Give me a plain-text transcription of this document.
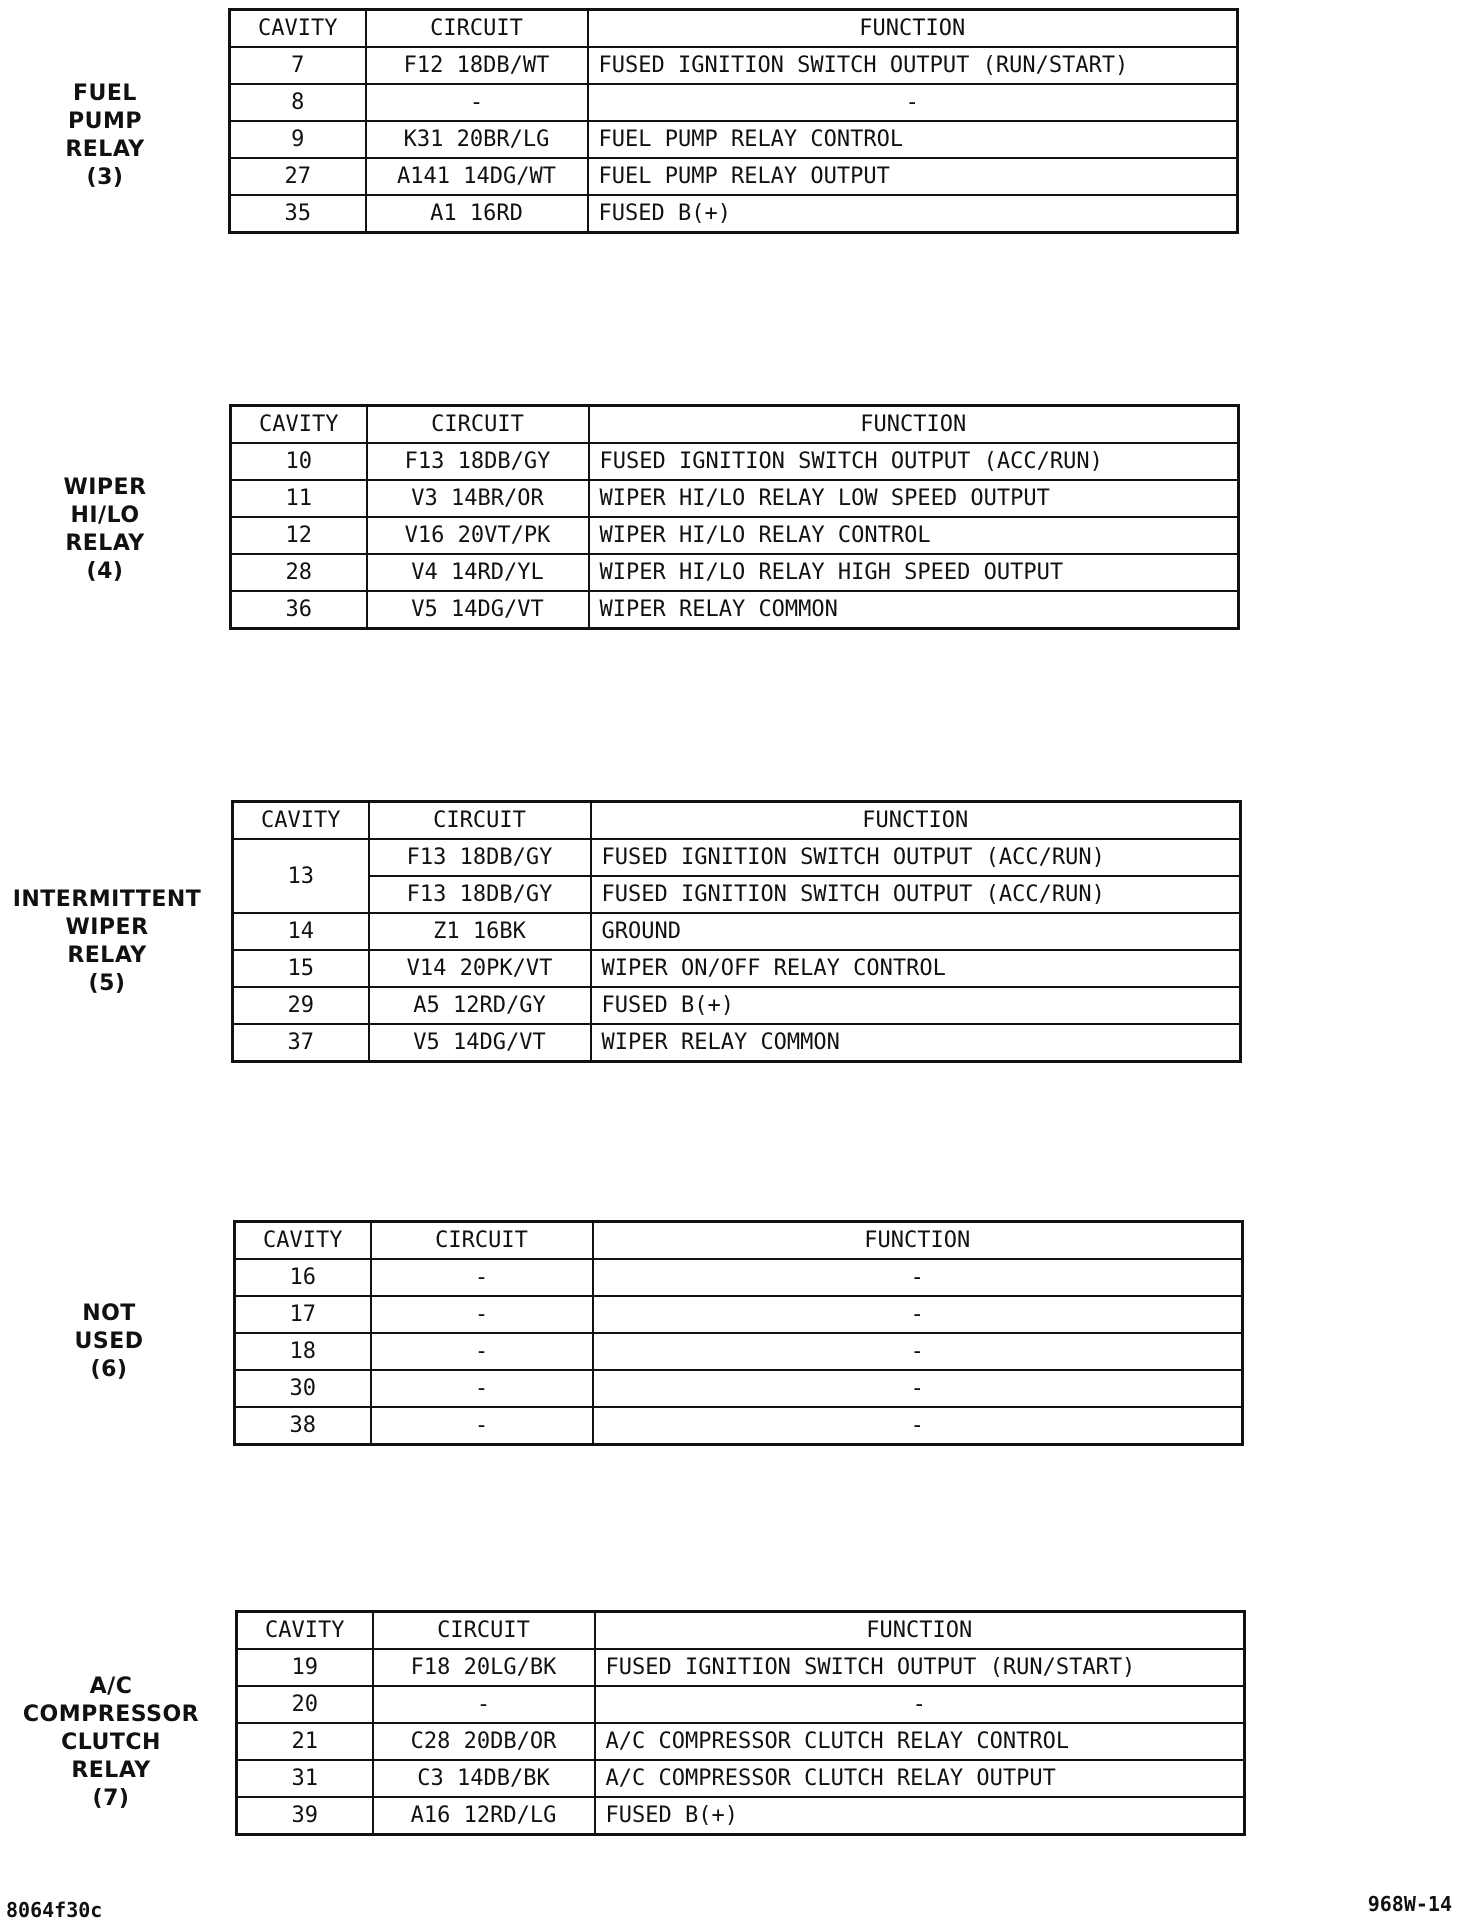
FUEL
PUMP
RELAY
(3)
CAVITY	CIRCUIT	FUNCTION
7	F12 18DB/WT	FUSED IGNITION SWITCH OUTPUT (RUN/START)
8	-	-
9	K31 20BR/LG	FUEL PUMP RELAY CONTROL
27	A141 14DG/WT	FUEL PUMP RELAY OUTPUT
35	A1 16RD	FUSED B(+)
WIPER
HI/LO
RELAY
(4)
CAVITY	CIRCUIT	FUNCTION
10	F13 18DB/GY	FUSED IGNITION SWITCH OUTPUT (ACC/RUN)
11	V3 14BR/OR	WIPER HI/LO RELAY LOW SPEED OUTPUT
12	V16 20VT/PK	WIPER HI/LO RELAY CONTROL
28	V4 14RD/YL	WIPER HI/LO RELAY HIGH SPEED OUTPUT
36	V5 14DG/VT	WIPER RELAY COMMON
INTERMITTENT
WIPER
RELAY
(5)
CAVITY	CIRCUIT	FUNCTION
13	F13 18DB/GY	FUSED IGNITION SWITCH OUTPUT (ACC/RUN)
	F13 18DB/GY	FUSED IGNITION SWITCH OUTPUT (ACC/RUN)
14	Z1 16BK	GROUND
15	V14 20PK/VT	WIPER ON/OFF RELAY CONTROL
29	A5 12RD/GY	FUSED B(+)
37	V5 14DG/VT	WIPER RELAY COMMON
NOT
USED
(6)
CAVITY	CIRCUIT	FUNCTION
16	-	-
17	-	-
18	-	-
30	-	-
38	-	-
A/C
COMPRESSOR
CLUTCH
RELAY
(7)
CAVITY	CIRCUIT	FUNCTION
19	F18 20LG/BK	FUSED IGNITION SWITCH OUTPUT (RUN/START)
20	-	-
21	C28 20DB/OR	A/C COMPRESSOR CLUTCH RELAY CONTROL
31	C3 14DB/BK	A/C COMPRESSOR CLUTCH RELAY OUTPUT
39	A16 12RD/LG	FUSED B(+)
8064f30c	968W-14
